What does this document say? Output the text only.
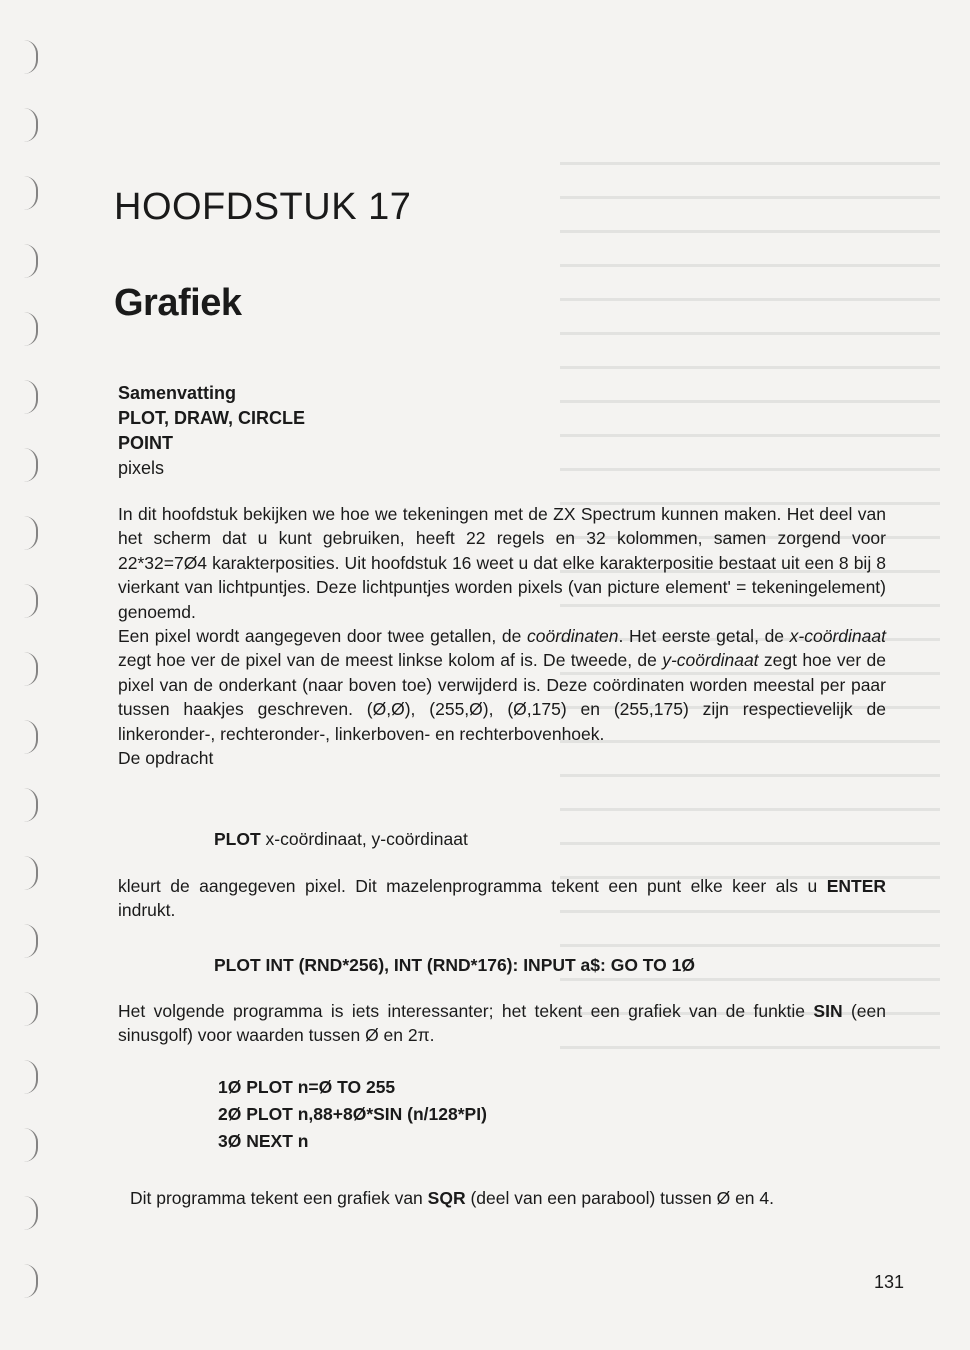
HOOFDSTUK 17
Grafiek
Samenvatting
PLOT, DRAW, CIRCLE
POINT
pixels
In dit hoofdstuk bekijken we hoe we tekeningen met de ZX Spectrum kunnen maken. Het deel van het scherm dat u kunt gebruiken, heeft 22 regels en 32 kolommen, samen zorgend voor 22*32=7Ø4 karakterposities. Uit hoofdstuk 16 weet u dat elke karakterpositie bestaat uit een 8 bij 8 vierkant van lichtpuntjes. Deze lichtpuntjes worden pixels (van picture element' = tekeningelement) genoemd.
Een pixel wordt aangegeven door twee getallen, de coördinaten. Het eerste getal, de x-coördinaat zegt hoe ver de pixel van de meest linkse kolom af is. De tweede, de y-coördinaat zegt hoe ver de pixel van de onderkant (naar boven toe) verwijderd is. Deze coördinaten worden meestal per paar tussen haakjes geschreven. (Ø,Ø), (255,Ø), (Ø,175) en (255,175) zijn respectievelijk de linkeronder-, rechteronder-, linkerboven- en rechterbovenhoek.
De opdracht
PLOT x-coördinaat, y-coördinaat
kleurt de aangegeven pixel. Dit mazelenprogramma tekent een punt elke keer als u ENTER indrukt.
PLOT INT (RND*256), INT (RND*176): INPUT a$: GO TO 1Ø
Het volgende programma is iets interessanter; het tekent een grafiek van de funktie SIN (een sinusgolf) voor waarden tussen Ø en 2π.
1Ø PLOT n=Ø TO 255
2Ø PLOT n,88+8Ø*SIN (n/128*PI)
3Ø NEXT n
Dit programma tekent een grafiek van SQR (deel van een parabool) tussen Ø en 4.
131
